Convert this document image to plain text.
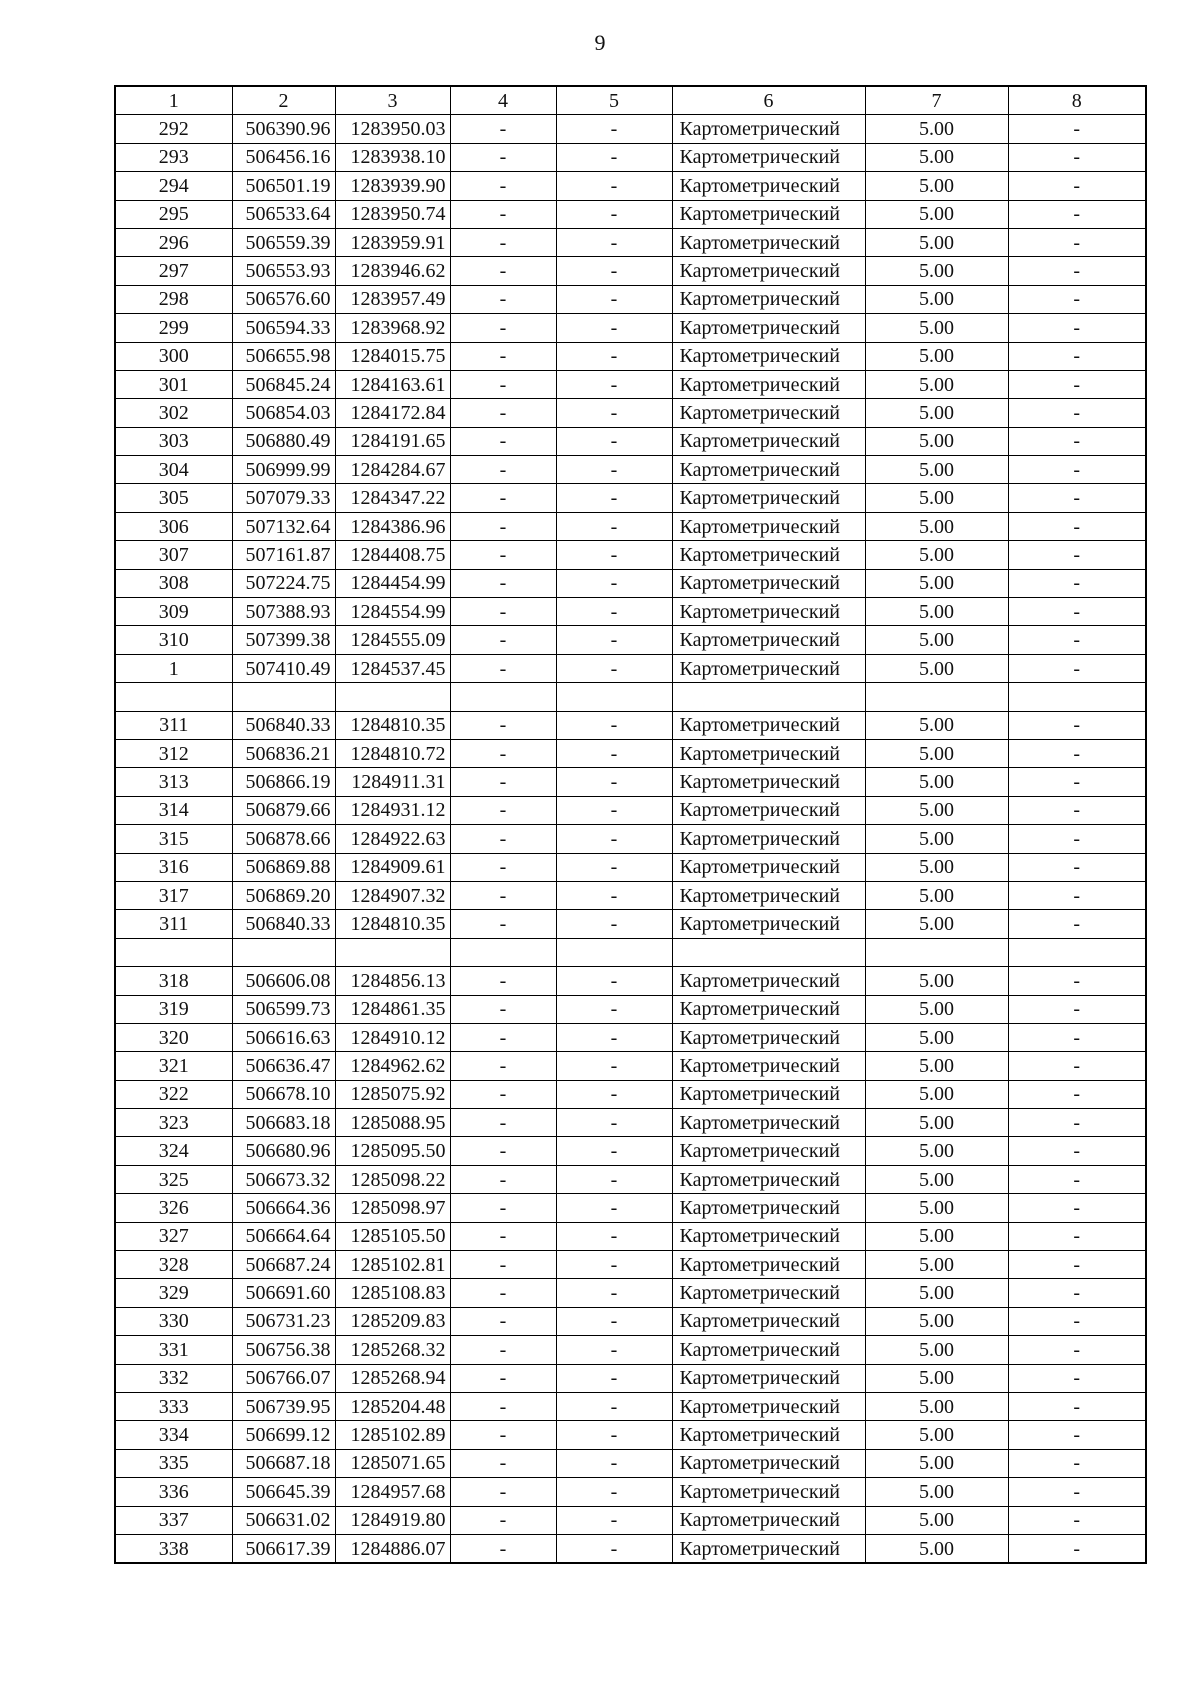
9
1	2	3	4	5	6	7	8
292	506390.96	1283950.03	-	-	Картометрический	5.00	-
293	506456.16	1283938.10	-	-	Картометрический	5.00	-
294	506501.19	1283939.90	-	-	Картометрический	5.00	-
295	506533.64	1283950.74	-	-	Картометрический	5.00	-
296	506559.39	1283959.91	-	-	Картометрический	5.00	-
297	506553.93	1283946.62	-	-	Картометрический	5.00	-
298	506576.60	1283957.49	-	-	Картометрический	5.00	-
299	506594.33	1283968.92	-	-	Картометрический	5.00	-
300	506655.98	1284015.75	-	-	Картометрический	5.00	-
301	506845.24	1284163.61	-	-	Картометрический	5.00	-
302	506854.03	1284172.84	-	-	Картометрический	5.00	-
303	506880.49	1284191.65	-	-	Картометрический	5.00	-
304	506999.99	1284284.67	-	-	Картометрический	5.00	-
305	507079.33	1284347.22	-	-	Картометрический	5.00	-
306	507132.64	1284386.96	-	-	Картометрический	5.00	-
307	507161.87	1284408.75	-	-	Картометрический	5.00	-
308	507224.75	1284454.99	-	-	Картометрический	5.00	-
309	507388.93	1284554.99	-	-	Картометрический	5.00	-
310	507399.38	1284555.09	-	-	Картометрический	5.00	-
1	507410.49	1284537.45	-	-	Картометрический	5.00	-

311	506840.33	1284810.35	-	-	Картометрический	5.00	-
312	506836.21	1284810.72	-	-	Картометрический	5.00	-
313	506866.19	1284911.31	-	-	Картометрический	5.00	-
314	506879.66	1284931.12	-	-	Картометрический	5.00	-
315	506878.66	1284922.63	-	-	Картометрический	5.00	-
316	506869.88	1284909.61	-	-	Картометрический	5.00	-
317	506869.20	1284907.32	-	-	Картометрический	5.00	-
311	506840.33	1284810.35	-	-	Картометрический	5.00	-

318	506606.08	1284856.13	-	-	Картометрический	5.00	-
319	506599.73	1284861.35	-	-	Картометрический	5.00	-
320	506616.63	1284910.12	-	-	Картометрический	5.00	-
321	506636.47	1284962.62	-	-	Картометрический	5.00	-
322	506678.10	1285075.92	-	-	Картометрический	5.00	-
323	506683.18	1285088.95	-	-	Картометрический	5.00	-
324	506680.96	1285095.50	-	-	Картометрический	5.00	-
325	506673.32	1285098.22	-	-	Картометрический	5.00	-
326	506664.36	1285098.97	-	-	Картометрический	5.00	-
327	506664.64	1285105.50	-	-	Картометрический	5.00	-
328	506687.24	1285102.81	-	-	Картометрический	5.00	-
329	506691.60	1285108.83	-	-	Картометрический	5.00	-
330	506731.23	1285209.83	-	-	Картометрический	5.00	-
331	506756.38	1285268.32	-	-	Картометрический	5.00	-
332	506766.07	1285268.94	-	-	Картометрический	5.00	-
333	506739.95	1285204.48	-	-	Картометрический	5.00	-
334	506699.12	1285102.89	-	-	Картометрический	5.00	-
335	506687.18	1285071.65	-	-	Картометрический	5.00	-
336	506645.39	1284957.68	-	-	Картометрический	5.00	-
337	506631.02	1284919.80	-	-	Картометрический	5.00	-
338	506617.39	1284886.07	-	-	Картометрический	5.00	-
